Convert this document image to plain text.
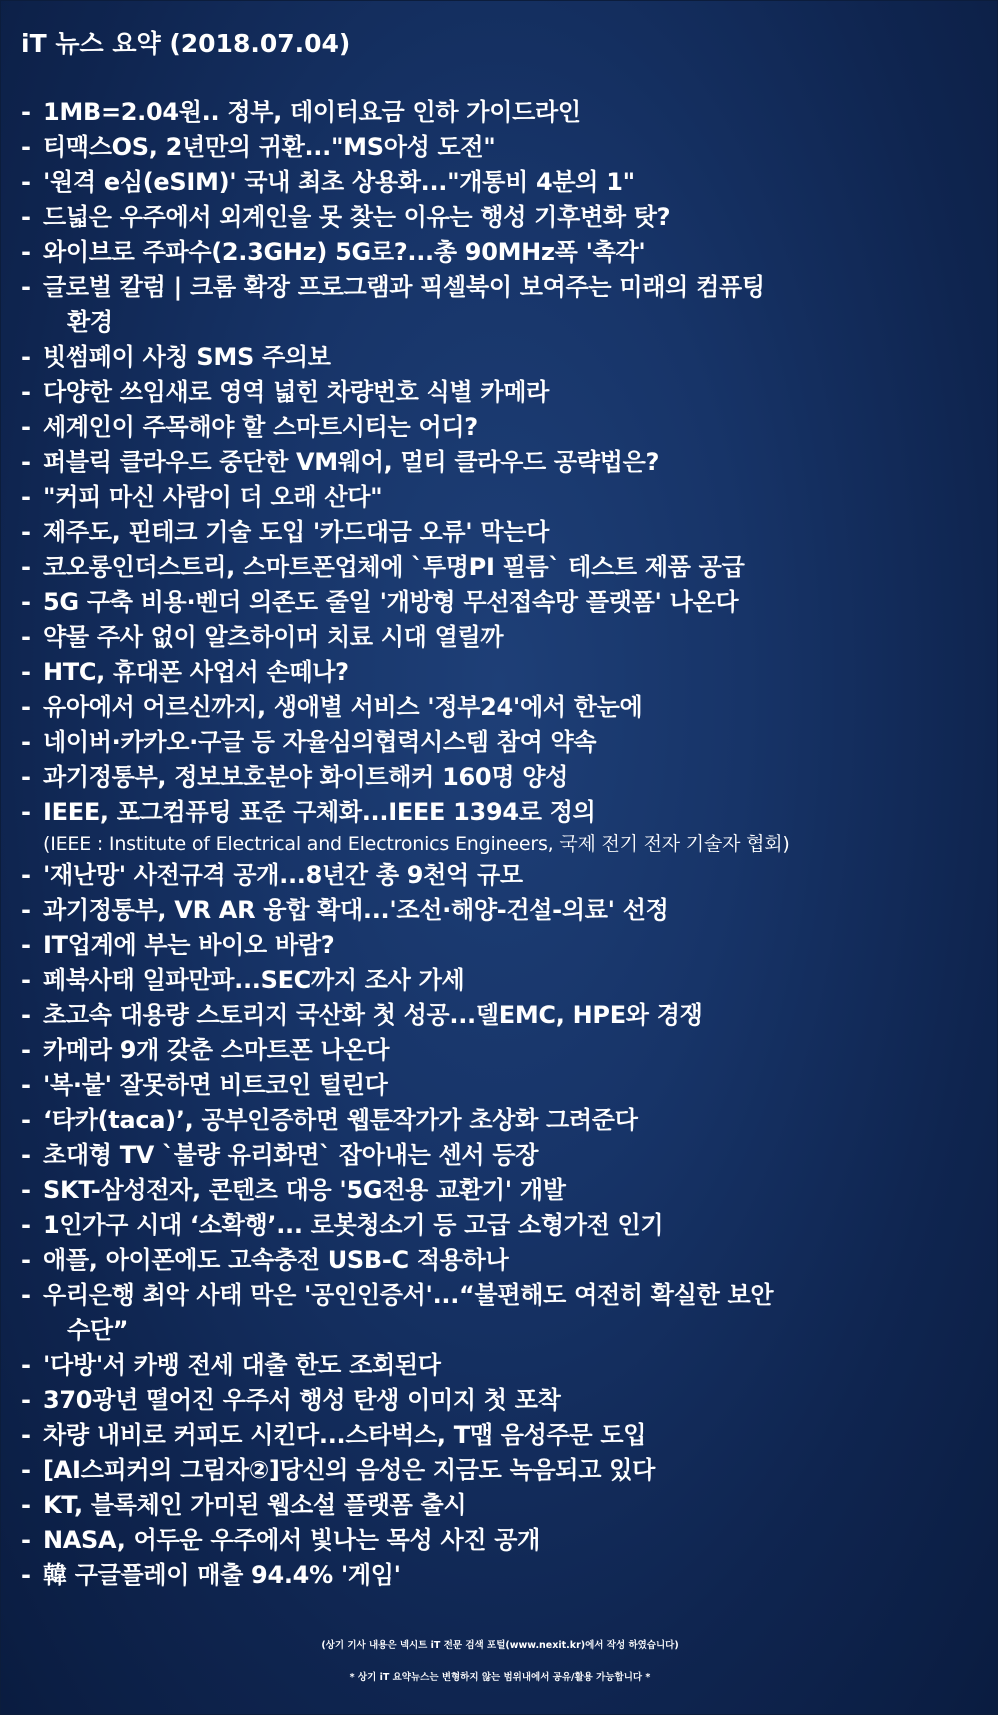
iT 뉴스 요약 (2018.07.04)
- 1MB=2.04원.. 정부, 데이터요금 인하 가이드라인
- 티맥스OS, 2년만의 귀환..."MS아성 도전"
- '원격 e심(eSIM)' 국내 최초 상용화..."개통비 4분의 1"
- 드넓은 우주에서 외계인을 못 찾는 이유는 행성 기후변화 탓?
- 와이브로 주파수(2.3GHz) 5G로?...총 90MHz폭 '촉각'
- 글로벌 칼럼 | 크롬 확장 프로그램과 픽셀북이 보여주는 미래의 컴퓨팅
환경
- 빗썸페이 사칭 SMS 주의보
- 다양한 쓰임새로 영역 넓힌 차량번호 식별 카메라
- 세계인이 주목해야 할 스마트시티는 어디?
- 퍼블릭 클라우드 중단한 VM웨어, 멀티 클라우드 공략법은?
- "커피 마신 사람이 더 오래 산다"
- 제주도, 핀테크 기술 도입 '카드대금 오류' 막는다
- 코오롱인더스트리, 스마트폰업체에 `투명PI 필름` 테스트 제품 공급
- 5G 구축 비용·벤더 의존도 줄일 '개방형 무선접속망 플랫폼' 나온다
- 약물 주사 없이 알츠하이머 치료 시대 열릴까
- HTC, 휴대폰 사업서 손떼나?
- 유아에서 어르신까지, 생애별 서비스 '정부24'에서 한눈에
- 네이버·카카오·구글 등 자율심의협력시스템 참여 약속
- 과기정통부, 정보보호분야 화이트해커 160명 양성
- IEEE, 포그컴퓨팅 표준 구체화...IEEE 1394로 정의
(IEEE : Institute of Electrical and Electronics Engineers, 국제 전기 전자 기술자 협회)
- '재난망' 사전규격 공개...8년간 총 9천억 규모
- 과기정통부, VR AR 융합 확대...'조선·해양-건설-의료' 선정
- IT업계에 부는 바이오 바람?
- 페북사태 일파만파...SEC까지 조사 가세
- 초고속 대용량 스토리지 국산화 첫 성공...델EMC, HPE와 경쟁
- 카메라 9개 갖춘 스마트폰 나온다
- '복·붙' 잘못하면 비트코인 털린다
- ‘타카(taca)’, 공부인증하면 웹툰작가가 초상화 그려준다
- 초대형 TV `불량 유리화면` 잡아내는 센서 등장
- SKT-삼성전자, 콘텐츠 대응 '5G전용 교환기' 개발
- 1인가구 시대 ‘소확행’... 로봇청소기 등 고급 소형가전 인기
- 애플, 아이폰에도 고속충전 USB-C 적용하나
- 우리은행 최악 사태 막은 '공인인증서'...“불편해도 여전히 확실한 보안
수단”
- '다방'서 카뱅 전세 대출 한도 조회된다
- 370광년 떨어진 우주서 행성 탄생 이미지 첫 포착
- 차량 내비로 커피도 시킨다...스타벅스, T맵 음성주문 도입
- [AI스피커의 그림자②]당신의 음성은 지금도 녹음되고 있다
- KT, 블록체인 가미된 웹소설 플랫폼 출시
- NASA, 어두운 우주에서 빛나는 목성 사진 공개
- 韓 구글플레이 매출 94.4% '게임'
(상기 기사 내용은 넥시트 iT 전문 검색 포털(www.nexit.kr)에서 작성 하였습니다)
* 상기 iT 요약뉴스는 변형하지 않는 범위내에서 공유/활용 가능합니다 *
